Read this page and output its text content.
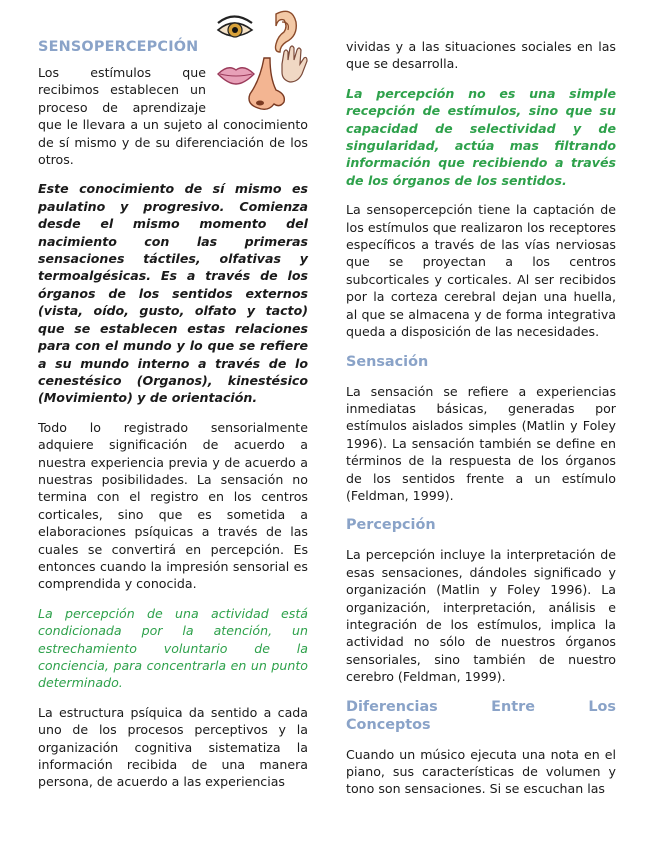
SENSOPERCEPCIÓN

Los estímulos que recibimos establecen un proceso de aprendizaje que le llevara a un sujeto al conocimiento de sí mismo y de su diferenciación de los otros.

Este conocimiento de sí mismo es paulatino y progresivo. Comienza desde el mismo momento del nacimiento con las primeras sensaciones táctiles, olfativas y termoalgésicas. Es a través de los órganos de los sentidos externos (vista, oído, gusto, olfato y tacto) que se establecen estas relaciones para con el mundo y lo que se refiere a su mundo interno a través de lo cenestésico (Organos), kinestésico (Movimiento) y de orientación.

Todo lo registrado sensorialmente adquiere significación de acuerdo a nuestra experiencia previa y de acuerdo a nuestras posibilidades. La sensación no termina con el registro en los centros corticales, sino que es sometida a elaboraciones psíquicas a través de las cuales se convertirá en percepción. Es entonces cuando la impresión sensorial es comprendida y conocida.

La percepción de una actividad está condicionada por la atención, un estrechamiento voluntario de la conciencia, para concentrarla en un punto determinado.

La estructura psíquica da sentido a cada uno de los procesos perceptivos y la organización cognitiva sistematiza la información recibida de una manera persona, de acuerdo a las experiencias

vividas y a las situaciones sociales en las que se desarrolla.

La percepción no es una simple recepción de estímulos, sino que su capacidad de selectividad y de singularidad, actúa mas filtrando información que recibiendo a través de los órganos de los sentidos.

La sensopercepción tiene la captación de los estímulos que realizaron los receptores específicos a través de las vías nerviosas que se proyectan a los centros subcorticales y corticales. Al ser recibidos por la corteza cerebral dejan una huella, al que se almacena y de forma integrativa queda a disposición de las necesidades.

Sensación

La sensación se refiere a experiencias inmediatas básicas, generadas por estímulos aislados simples (Matlin y Foley 1996). La sensación también se define en términos de la respuesta de los órganos de los sentidos frente a un estímulo (Feldman, 1999).

Percepción

La percepción incluye la interpretación de esas sensaciones, dándoles significado y organización (Matlin y Foley 1996). La organización, interpretación, análisis e integración de los estímulos, implica la actividad no sólo de nuestros órganos sensoriales, sino también de nuestro cerebro (Feldman, 1999).

Diferencias Entre Los
Conceptos

Cuando un músico ejecuta una nota en el piano, sus características de volumen y tono son sensaciones. Si se escuchan las
